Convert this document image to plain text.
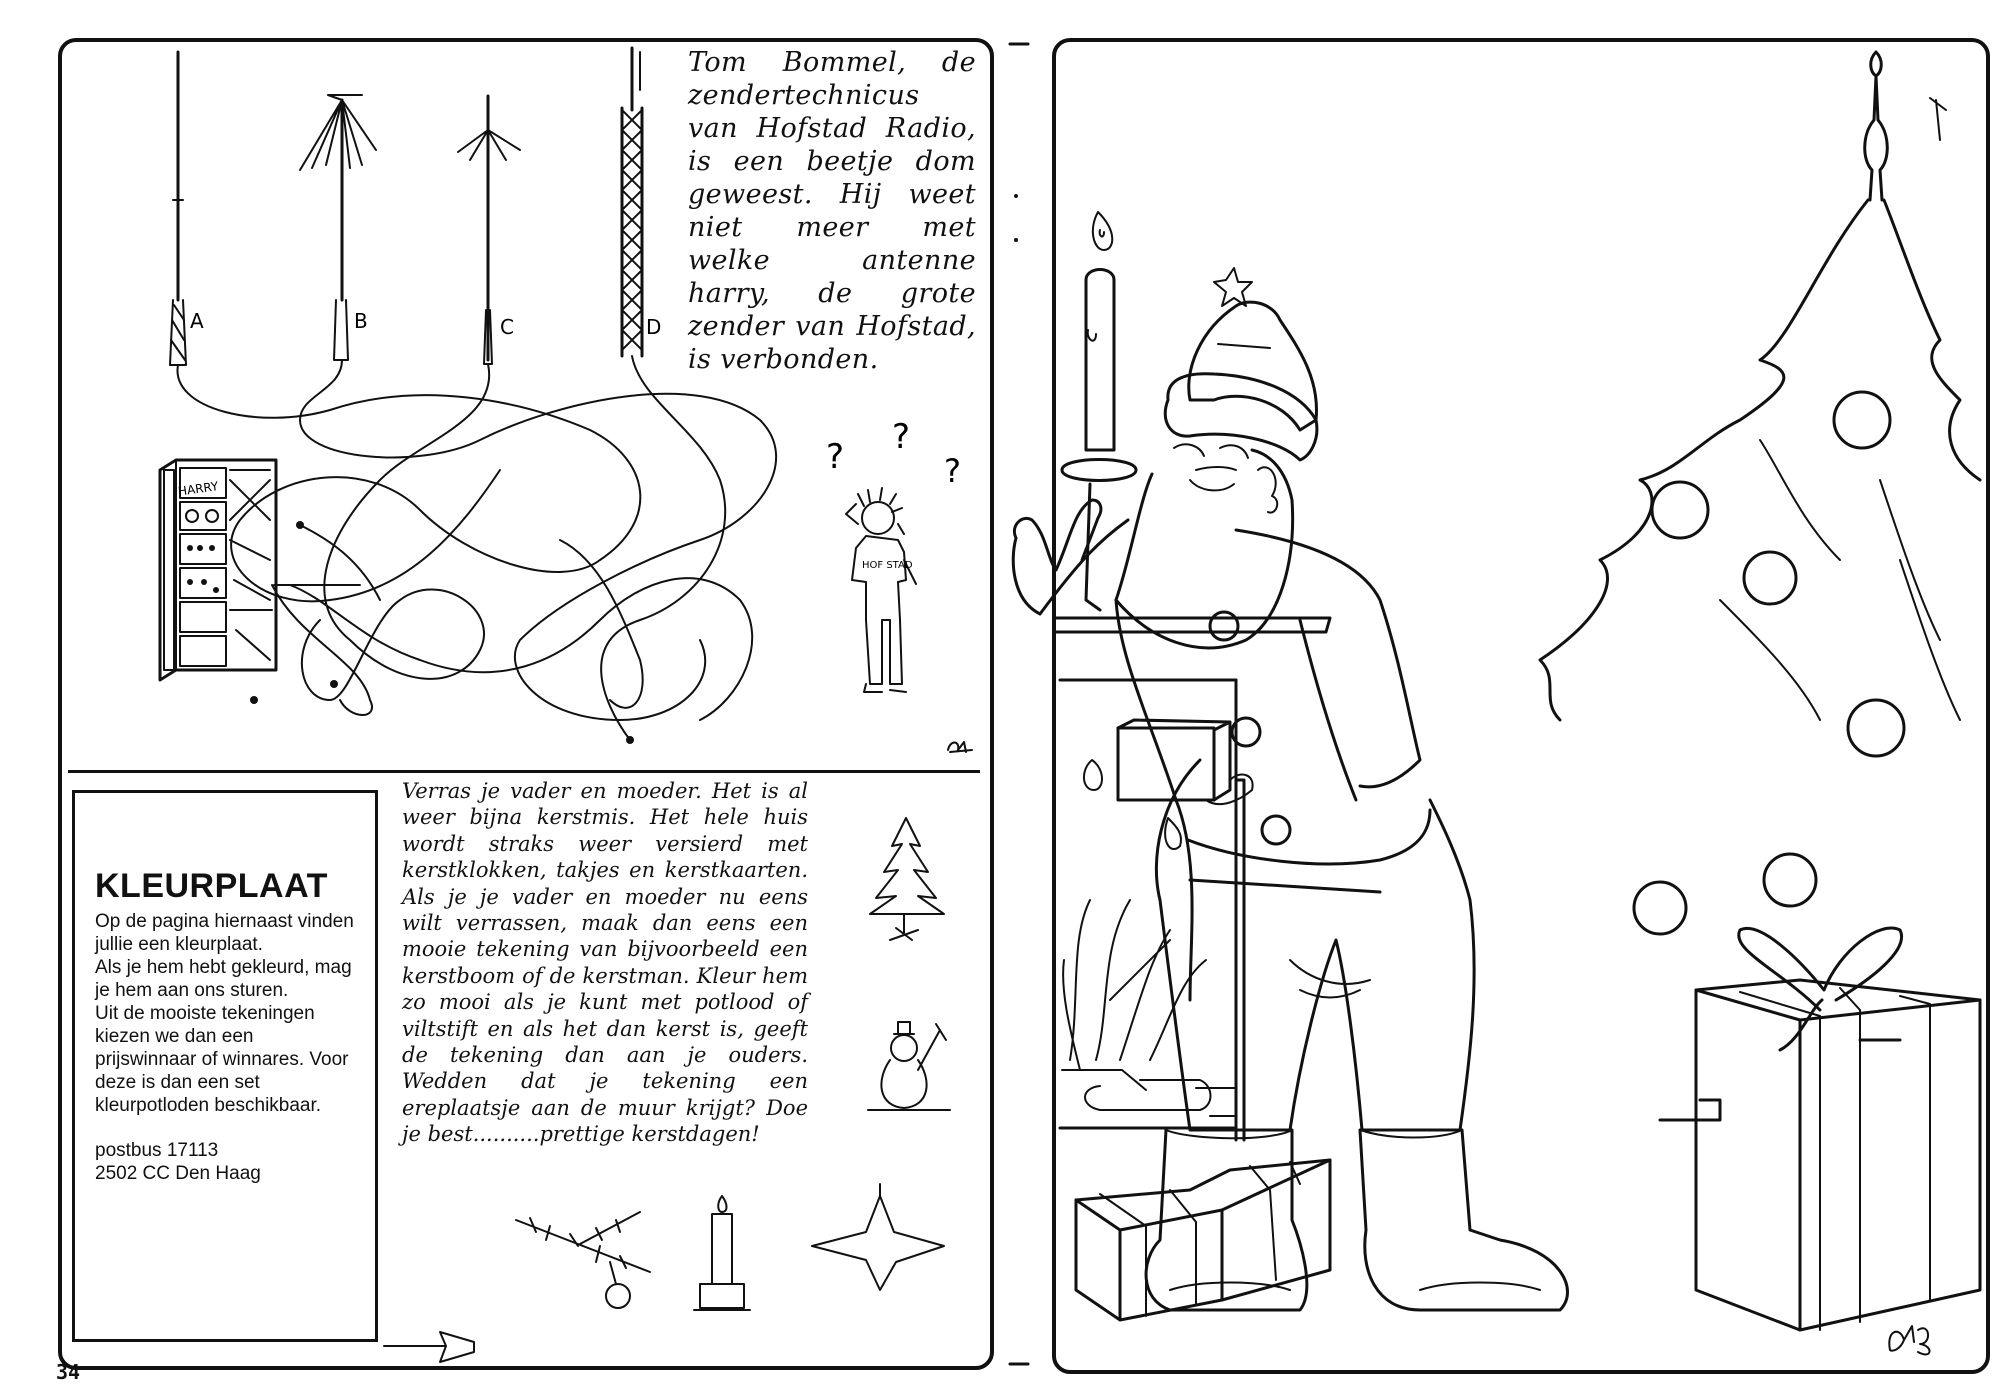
A	B	C	D
HARRY
? ?
?
HOF STAD
Tom Bommel, de zendertechnicus van Hofstad Radio, is een beetje dom geweest. Hij weet niet meer met welke antenne harry, de grote zender van Hofstad, is verbonden.
KLEURPLAAT

Op de pagina hiernaast vinden jullie een kleurplaat.
Als je hem hebt gekleurd, mag je hem aan ons sturen.
Uit de mooiste tekeningen kiezen we dan een prijswinnaar of winnares. Voor deze is dan een set kleurpotloden beschikbaar.

postbus 17113
2502 CC Den Haag

Verras je vader en moeder. Het is al weer bijna kerstmis. Het hele huis wordt straks weer versierd met kerstklokken, takjes en kerstkaarten. Als je je vader en moeder nu eens wilt verrassen, maak dan eens een mooie tekening van bijvoorbeeld een kerstboom of de kerstman. Kleur hem zo mooi als je kunt met potlood of viltstift en als het dan kerst is, geeft de tekening dan aan je ouders. Wedden dat je tekening een ereplaatsje aan de muur krijgt? Doe je best..........prettige kerstdagen!
34
